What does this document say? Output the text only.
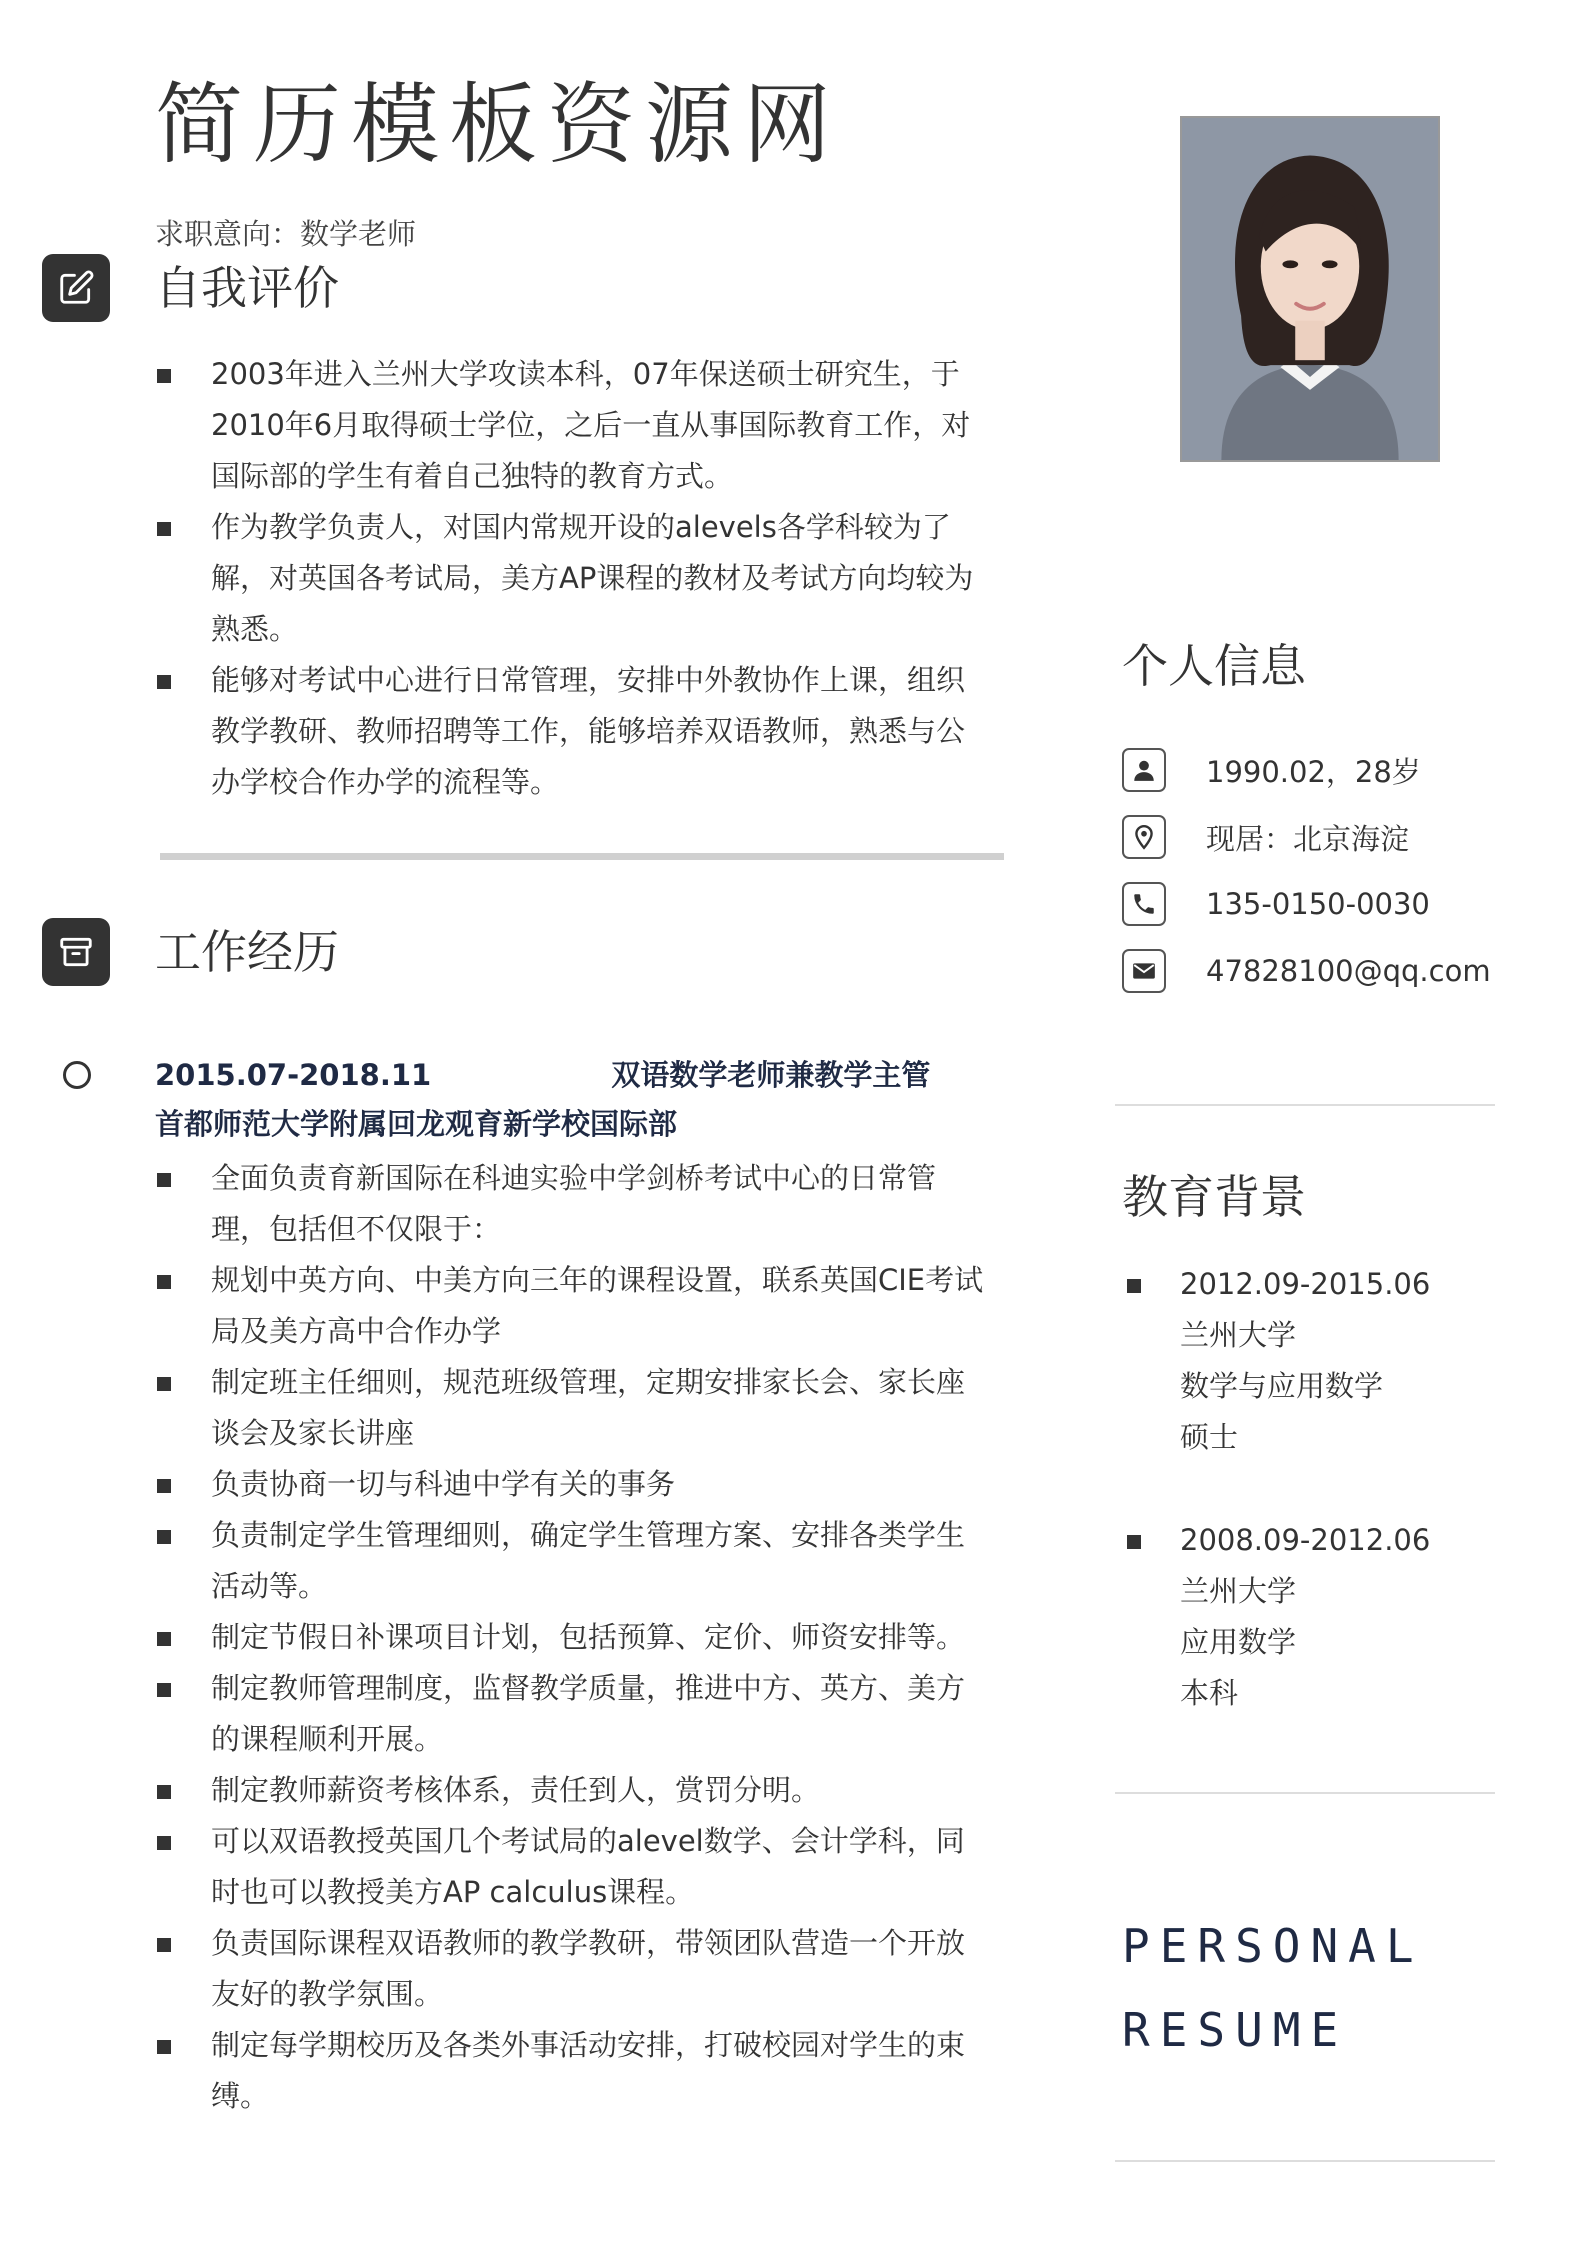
简历模板资源网
求职意向：数学老师
自我评价
2003年进入兰州大学攻读本科，07年保送硕士研究生，于2010年6月取得硕士学位，之后一直从事国际教育工作，对国际部的学生有着自己独特的教育方式。
作为教学负责人，对国内常规开设的alevels各学科较为了解，对英国各考试局，美方AP课程的教材及考试方向均较为熟悉。
能够对考试中心进行日常管理，安排中外教协作上课，组织教学教研、教师招聘等工作，能够培养双语教师，熟悉与公办学校合作办学的流程等。
工作经历
2015.07-2018.11	双语数学老师兼教学主管
首都师范大学附属回龙观育新学校国际部
全面负责育新国际在科迪实验中学剑桥考试中心的日常管理，包括但不仅限于：
规划中英方向、中美方向三年的课程设置，联系英国CIE考试局及美方高中合作办学
制定班主任细则，规范班级管理，定期安排家长会、家长座谈会及家长讲座
负责协商一切与科迪中学有关的事务
负责制定学生管理细则，确定学生管理方案、安排各类学生活动等。
制定节假日补课项目计划，包括预算、定价、师资安排等。
制定教师管理制度，监督教学质量，推进中方、英方、美方的课程顺利开展。
制定教师薪资考核体系，责任到人，赏罚分明。
可以双语教授英国几个考试局的alevel数学、会计学科，同时也可以教授美方AP calculus课程。
负责国际课程双语教师的教学教研，带领团队营造一个开放友好的教学氛围。
制定每学期校历及各类外事活动安排，打破校园对学生的束缚。
个人信息
1990.02，28岁
现居：北京海淀
135-0150-0030
47828100@qq.com
教育背景
2012.09-2015.06
兰州大学
数学与应用数学
硕士
2008.09-2012.06
兰州大学
应用数学
本科
PERSONAL
RESUME
